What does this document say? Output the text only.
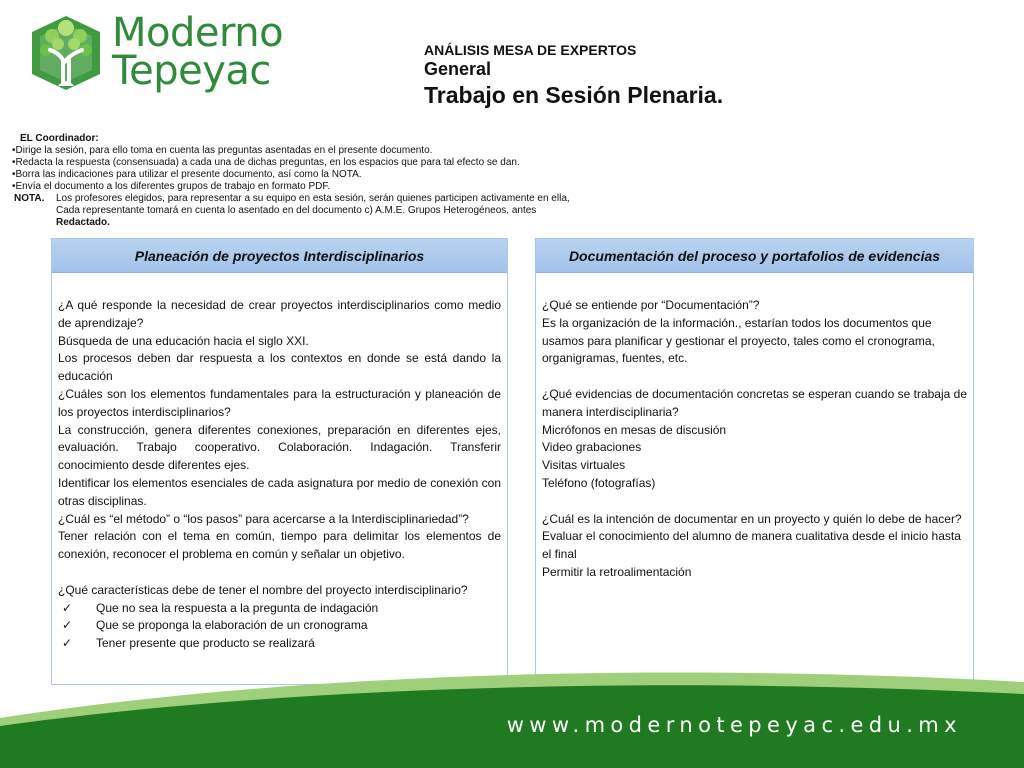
Moderno
Tepeyac	ANÁLISIS MESA DE EXPERTOS
General
Trabajo en Sesión Plenaria.
EL Coordinador:
•Dirige la sesión, para ello toma en cuenta las preguntas asentadas en el presente documento.
•Redacta la respuesta (consensuada) a cada una de dichas preguntas, en los espacios que para tal efecto se dan.
•Borra las indicaciones para utilizar el presente documento, así como la NOTA.
•Envía el documento a los diferentes grupos de trabajo en formato PDF.
NOTA.	Los profesores elegidos, para representar a su equipo en esta sesión, serán quienes participen activamente en ella,
Cada representante tomará en cuenta lo asentado en del documento c) A.M.E. Grupos Heterogéneos, antes
Redactado.
Planeación de proyectos Interdisciplinarios
¿A qué responde la necesidad de crear proyectos interdisciplinarios como medio de aprendizaje?
Búsqueda de una educación hacia el siglo XXI.
Los procesos deben dar respuesta a los contextos en donde se está dando la educación
¿Cuáles son los elementos fundamentales para la estructuración y planeación de los proyectos interdisciplinarios?
La construcción, genera diferentes conexiones, preparación en diferentes ejes, evaluación. Trabajo cooperativo. Colaboración. Indagación. Transferir conocimiento desde diferentes ejes.
Identificar los elementos esenciales de cada asignatura por medio de conexión con otras disciplinas.
¿Cuál es “el método” o “los pasos” para acercarse a la Interdisciplinariedad”?
Tener relación con el tema en común, tiempo para delimitar los elementos de conexión, reconocer el problema en común y señalar un objetivo.
¿Qué características debe de tener el nombre del proyecto interdisciplinario?
✓	Que no sea la respuesta a la pregunta de indagación
✓	Que se proponga la elaboración de un cronograma
✓	Tener presente que producto se realizará
Documentación del proceso y portafolios de evidencias
¿Qué se entiende por “Documentación”?
Es la organización de la información., estarían todos los documentos que usamos para planificar y gestionar el proyecto, tales como el cronograma, organigramas, fuentes, etc.
¿Qué evidencias de documentación concretas se esperan cuando se trabaja de manera interdisciplinaria?
Micrófonos en mesas de discusión
Video grabaciones
Visitas virtuales
Teléfono (fotografías)
¿Cuál es la intención de documentar en un proyecto y quién lo debe de hacer?
Evaluar el conocimiento del alumno de manera cualitativa desde el inicio hasta el final
Permitir la retroalimentación
www.modernotepeyac.edu.mx
